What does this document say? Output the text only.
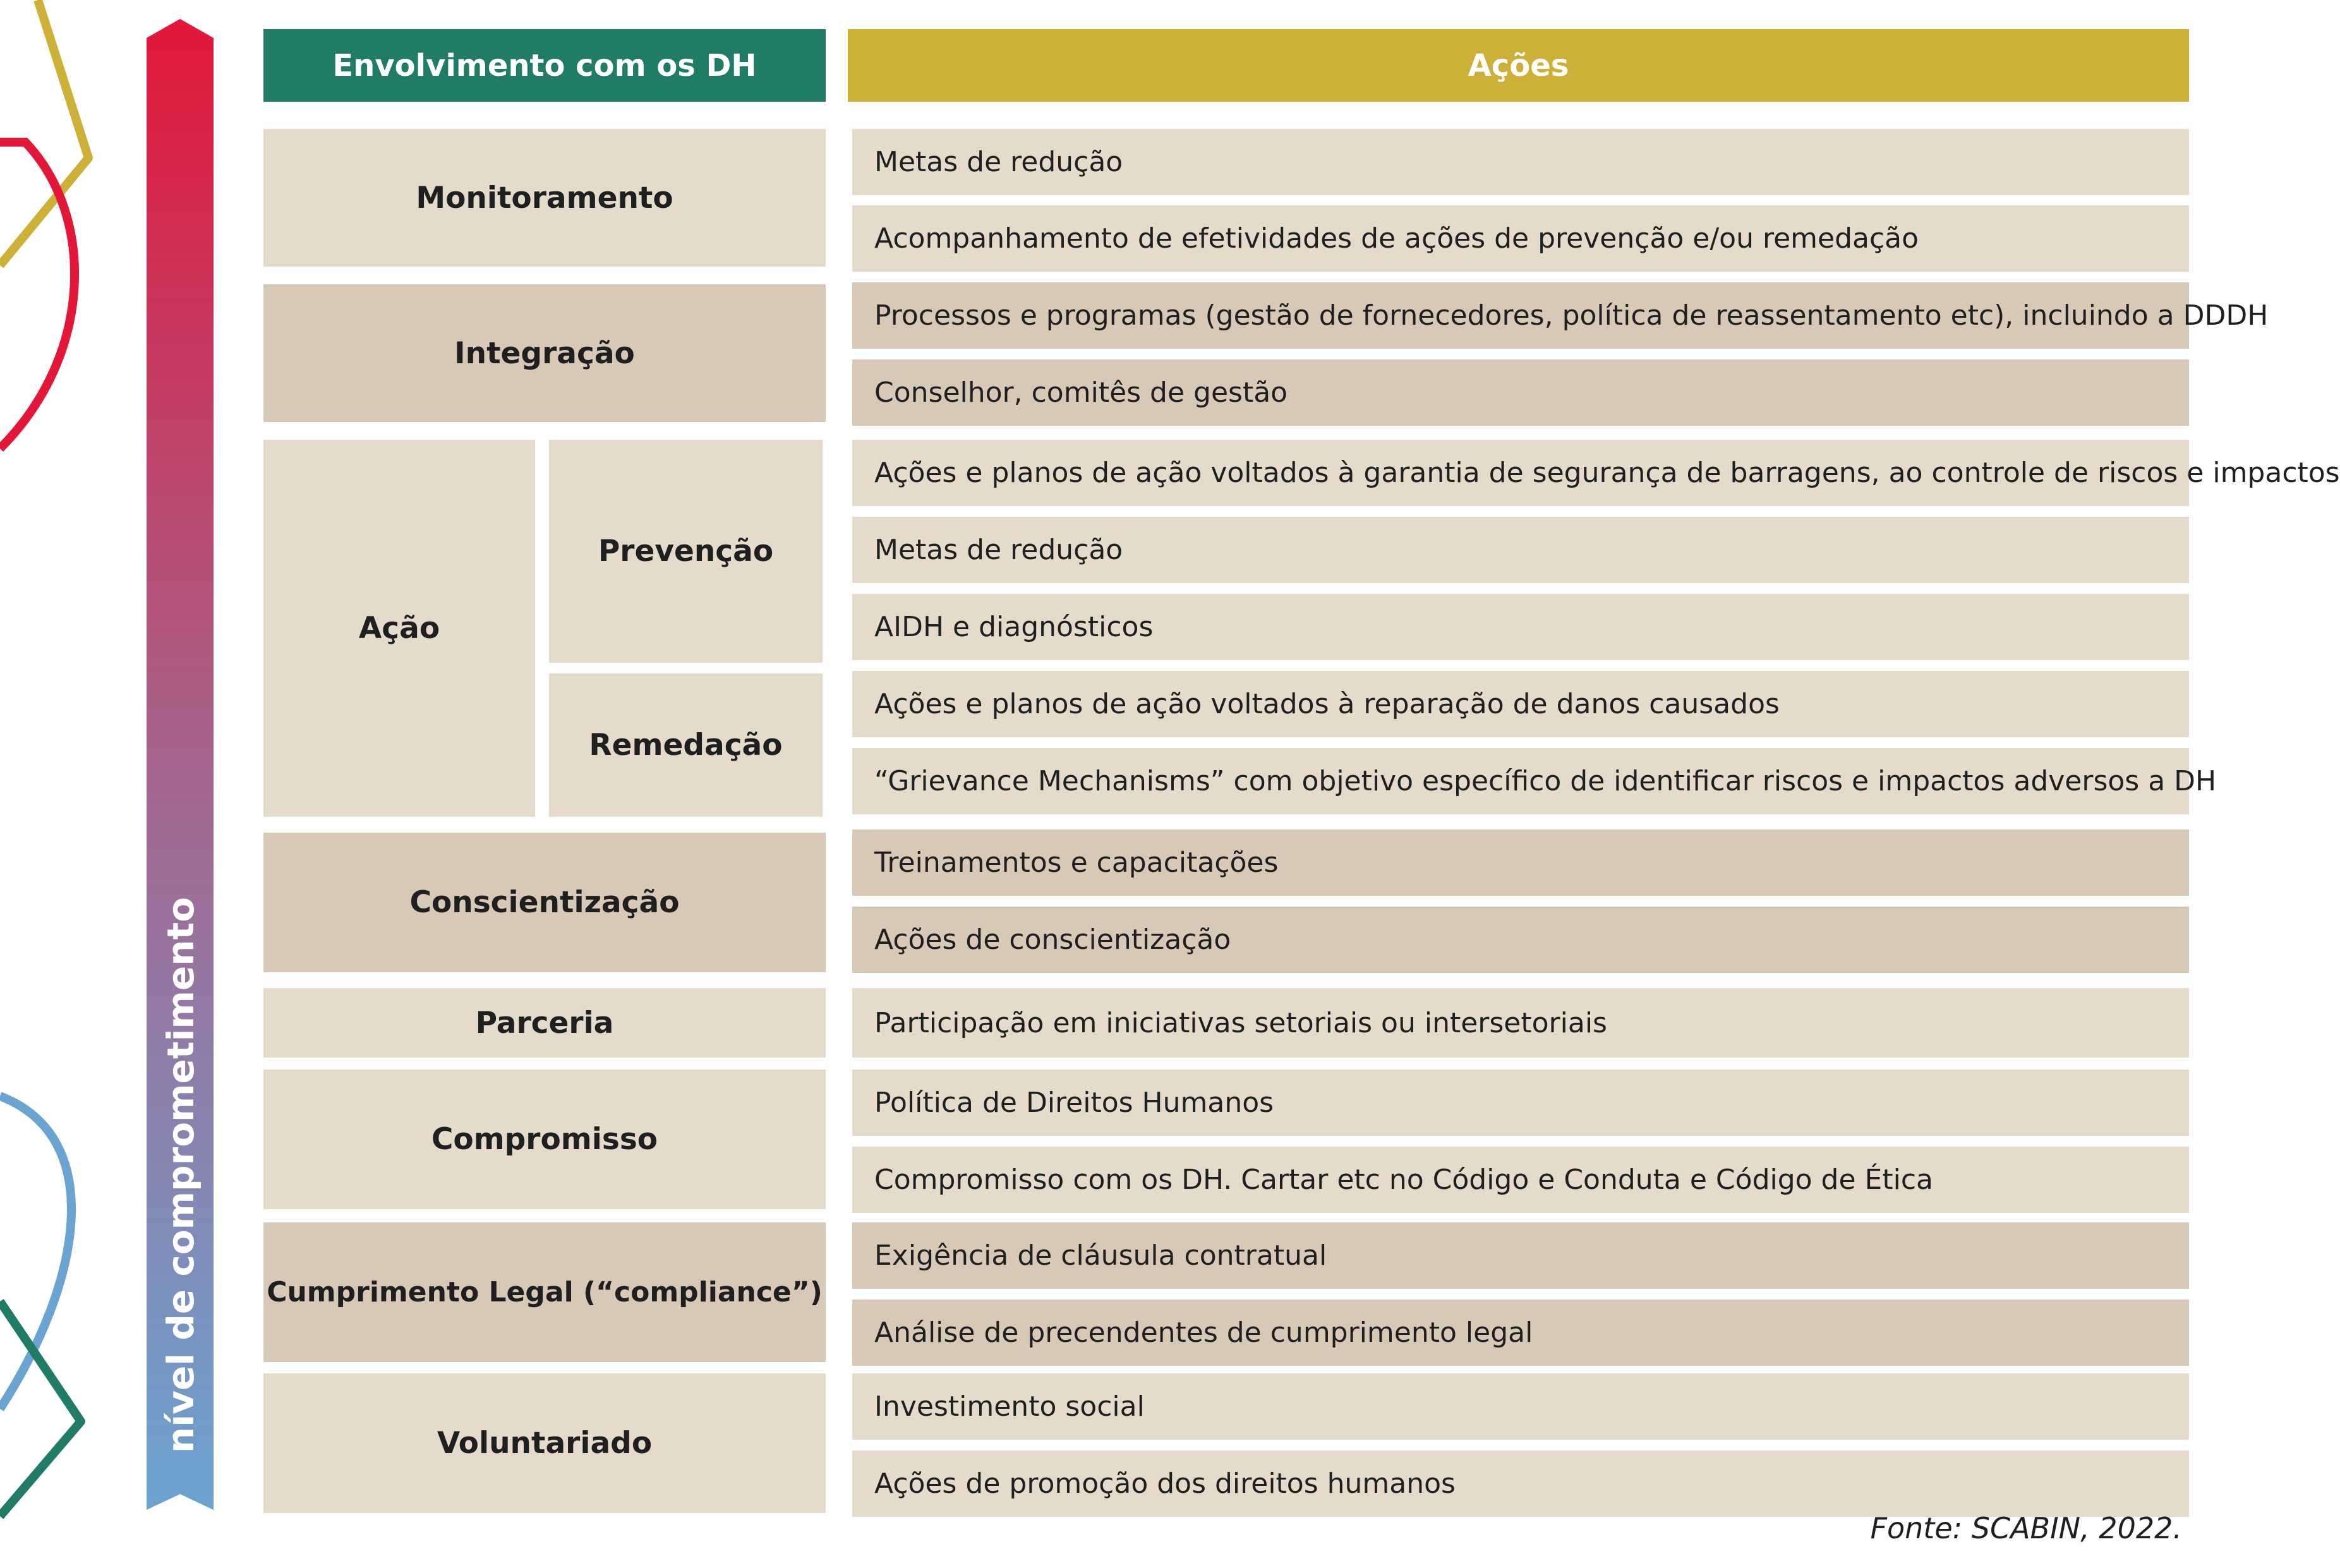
nível de comprometimento
Envolvimento com os DH	Ações
Monitoramento
Integração
Ação
Prevenção
Remedação
Conscientização
Parceria
Compromisso
Cumprimento Legal (“compliance”)
Voluntariado
Metas de redução
Acompanhamento de efetividades de ações de prevenção e/ou remedação
Processos e programas (gestão de fornecedores, política de reassentamento etc), incluindo a DDDH
Conselhor, comitês de gestão
Ações e planos de ação voltados à garantia de segurança de barragens, ao controle de riscos e impactos
Metas de redução
AIDH e diagnósticos
Ações e planos de ação voltados à reparação de danos causados
“Grievance Mechanisms” com objetivo específico de identificar riscos e impactos adversos a DH
Treinamentos e capacitações
Ações de conscientização
Participação em iniciativas setoriais ou intersetoriais
Política de Direitos Humanos
Compromisso com os DH. Cartar etc no Código e Conduta e Código de Ética
Exigência de cláusula contratual
Análise de precendentes de cumprimento legal
Investimento social
Ações de promoção dos direitos humanos
Fonte: SCABIN, 2022.
